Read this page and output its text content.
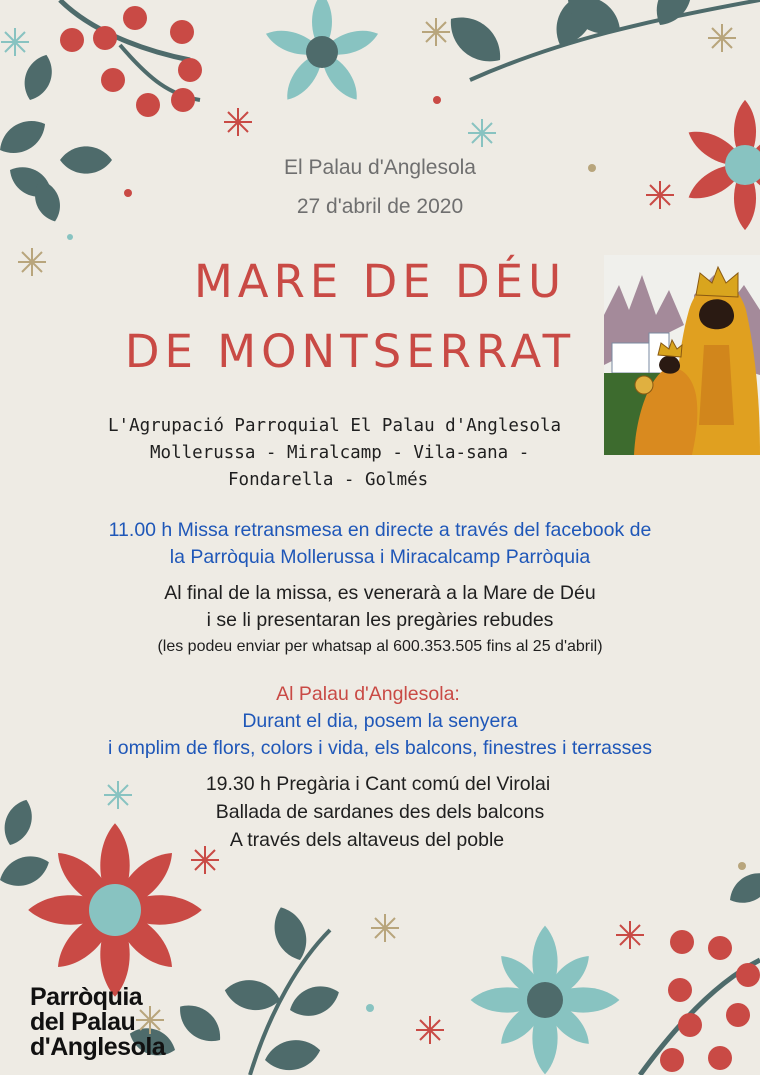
El Palau d'Anglesola
27 d'abril de 2020
MARE DE DÉU
DE MONTSERRAT
L'Agrupació Parroquial El Palau d'Anglesola
Mollerussa - Miralcamp - Vila-sana -
Fondarella - Golmés
11.00 h Missa retransmesa en directe a través del facebook de
la Parròquia Mollerussa i Miracalcamp Parròquia
Al final de la missa, es venerarà a la Mare de Déu
i se li presentaran les pregàries rebudes
(les podeu enviar per whatsap al 600.353.505 fins al 25 d'abril)
Al Palau d'Anglesola:
Durant el dia, posem la senyera
i omplim de flors, colors i vida, els balcons, finestres i terrasses
19.30 h Pregària i Cant comú del Virolai
Ballada de sardanes des dels balcons
A través dels altaveus del poble
Parròquia
del Palau
d'Anglesola
